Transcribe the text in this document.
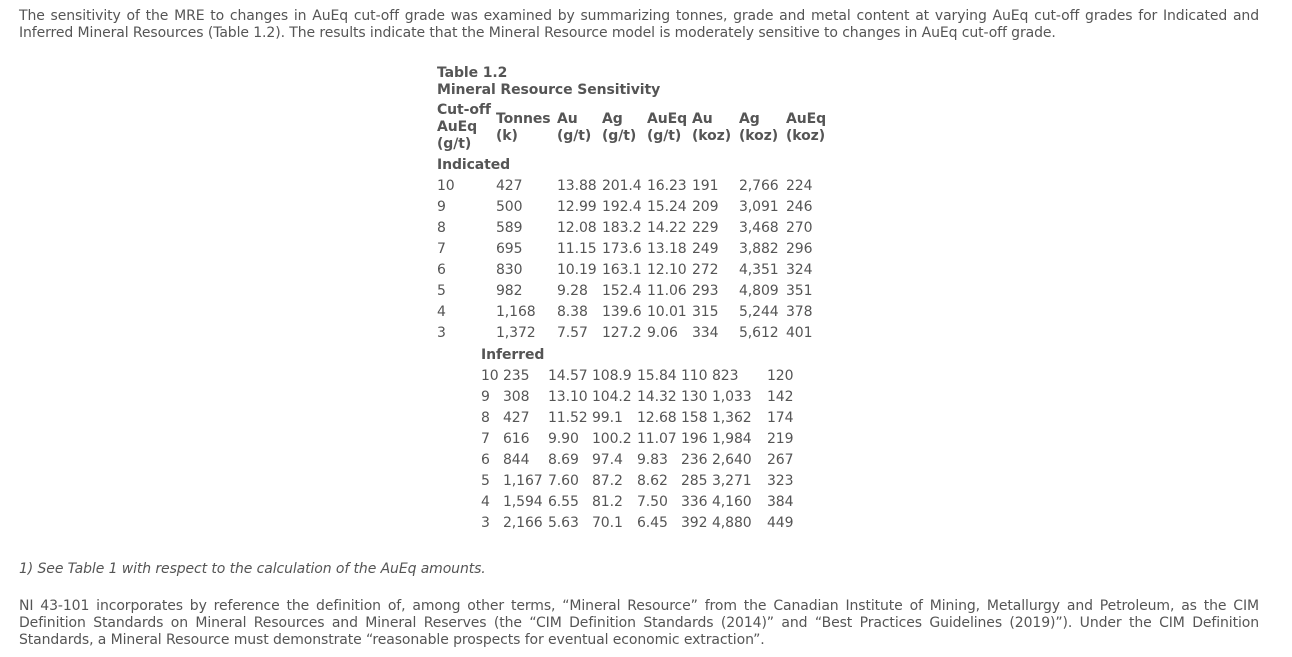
The sensitivity of the MRE to changes in AuEq cut-off grade was examined by summarizing tonnes, grade and metal content at varying AuEq cut-off grades for Indicated and Inferred Mineral Resources (Table 1.2). The results indicate that the Mineral Resource model is moderately sensitive to changes in AuEq cut-off grade.

Table 1.2

Mineral Resource Sensitivity

Cut-off AuEq (g/t)	Tonnes (k)	Au (g/t)	Ag (g/t)	AuEq (g/t)	Au (koz)	Ag (koz)	AuEq (koz)
Indicated							
10	427	13.88	201.4	16.23	191	2,766	224
9	500	12.99	192.4	15.24	209	3,091	246
8	589	12.08	183.2	14.22	229	3,468	270
7	695	11.15	173.6	13.18	249	3,882	296
6	830	10.19	163.1	12.10	272	4,351	324
5	982	9.28	152.4	11.06	293	4,809	351
4	1,168	8.38	139.6	10.01	315	5,244	378
3	1,372	7.57	127.2	9.06	334	5,612	401
Inferred							
10	235	14.57	108.9	15.84	110	823	120
9	308	13.10	104.2	14.32	130	1,033	142
8	427	11.52	99.1	12.68	158	1,362	174
7	616	9.90	100.2	11.07	196	1,984	219
6	844	8.69	97.4	9.83	236	2,640	267
5	1,167	7.60	87.2	8.62	285	3,271	323
4	1,594	6.55	81.2	7.50	336	4,160	384
3	2,166	5.63	70.1	6.45	392	4,880	449

1) See Table 1 with respect to the calculation of the AuEq amounts.

NI 43-101 incorporates by reference the definition of, among other terms, “Mineral Resource” from the Canadian Institute of Mining, Metallurgy and Petroleum, as the CIM Definition Standards on Mineral Resources and Mineral Reserves (the “CIM Definition Standards (2014)” and “Best Practices Guidelines (2019)”). Under the CIM Definition Standards, a Mineral Resource must demonstrate “reasonable prospects for eventual economic extraction”.
